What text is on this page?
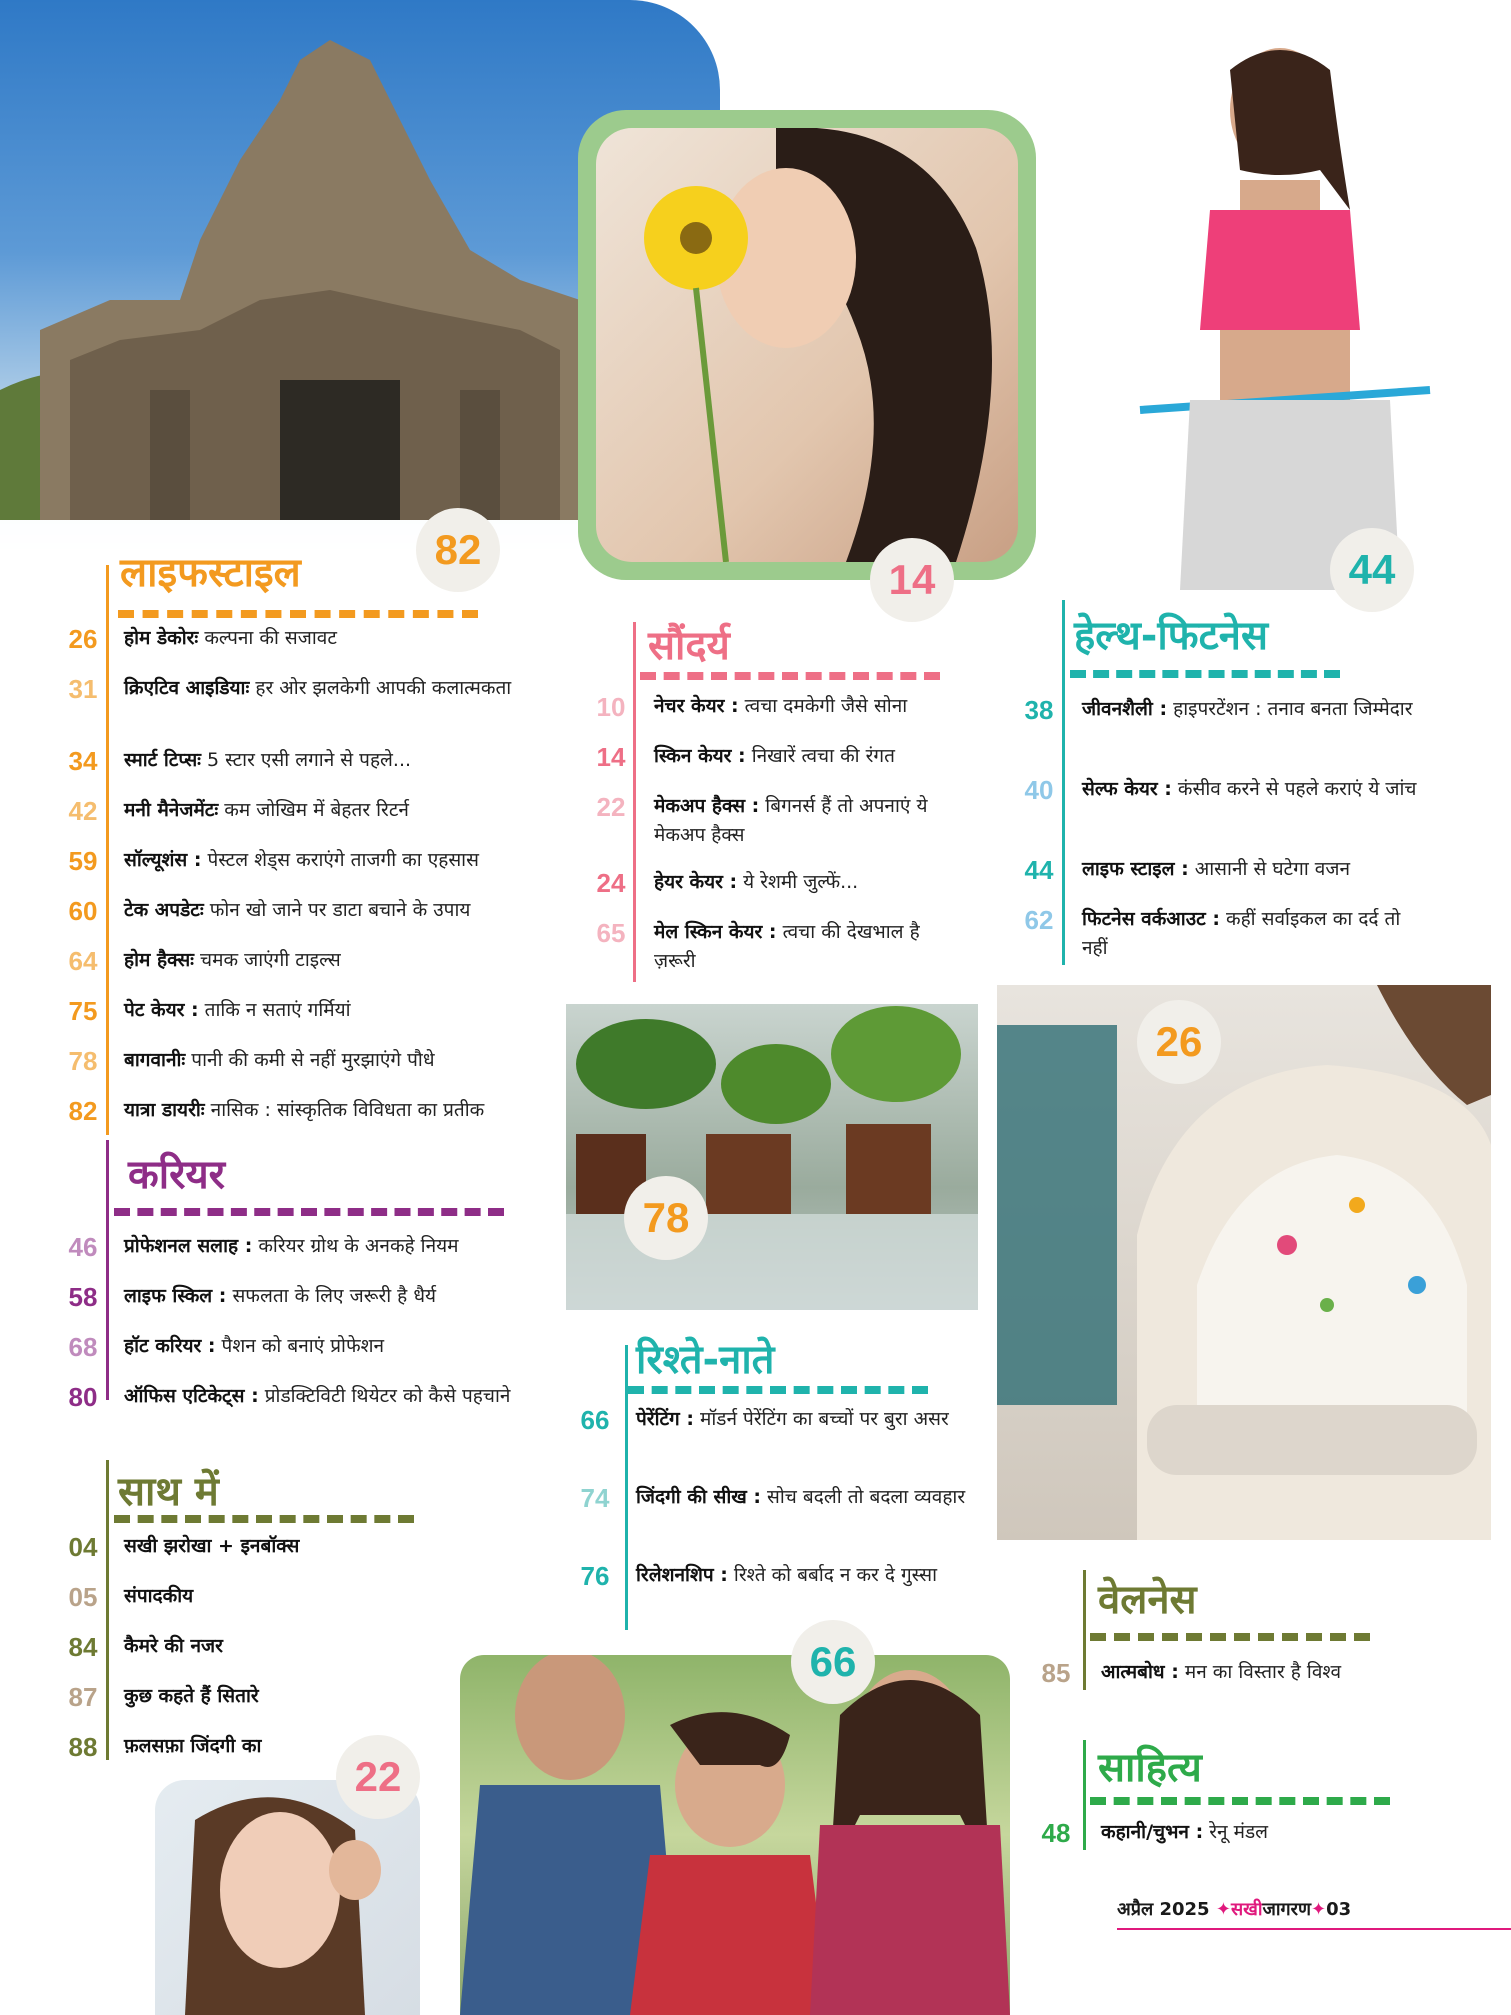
82
14	44
78
26
66
22
लाइफस्टाइल
26	होम डेकोरः कल्पना की सजावट
31	क्रिएटिव आइडियाः हर ओर झलकेगी आपकी कलात्मकता
34	स्मार्ट टिप्सः 5 स्टार एसी लगाने से पहले...
42	मनी मैनेजमेंटः कम जोखिम में बेहतर रिटर्न
59	सॉल्यूशंस : पेस्टल शेड्स कराएंगे ताजगी का एहसास
60	टेक अपडेटः फोन खो जाने पर डाटा बचाने के उपाय
64	होम हैक्सः चमक जाएंगी टाइल्स
75	पेट केयर : ताकि न सताएं गर्मियां
78	बागवानीः पानी की कमी से नहीं मुरझाएंगे पौधे
82	यात्रा डायरीः नासिक : सांस्कृतिक विविधता का प्रतीक
करियर
46	प्रोफेशनल सलाह : करियर ग्रोथ के अनकहे नियम
58	लाइफ स्किल : सफलता के लिए जरूरी है धैर्य
68	हॉट करियर : पैशन को बनाएं प्रोफेशन
80	ऑफिस एटिकेट्स : प्रोडक्टिविटी थियेटर को कैसे पहचाने
साथ में
04	सखी झरोखा + इनबॉक्स
05	संपादकीय
84	कैमरे की नजर
87	कुछ कहते हैं सितारे
88	फ़लसफ़ा जिंदगी का
सौंदर्य
10	नेचर केयर : त्वचा दमकेगी जैसे सोना
14	स्किन केयर : निखारें त्वचा की रंगत
22	मेकअप हैक्स : बिगनर्स हैं तो अपनाएं ये मेकअप हैक्स
24	हेयर केयर : ये रेशमी जुल्फें...
65	मेल स्किन केयर : त्वचा की देखभाल है ज़रूरी
रिश्ते-नाते
66	पेरेंटिंग : मॉडर्न पेरेंटिंग का बच्चों पर बुरा असर
74	जिंदगी की सीख : सोच बदली तो बदला व्यवहार
76	रिलेशनशिप : रिश्ते को बर्बाद न कर दे गुस्सा
हेल्थ-फिटनेस
38	जीवनशैली : हाइपरटेंशन : तनाव बनता जिम्मेदार
40	सेल्फ केयर : कंसीव करने से पहले कराएं ये जांच
44	लाइफ स्टाइल : आसानी से घटेगा वजन
62	फिटनेस वर्कआउट : कहीं सर्वाइकल का दर्द तो नहीं
वेलनेस
85	आत्मबोध : मन का विस्तार है विश्व
साहित्य
48	कहानी/चुभन : रेनू मंडल
अप्रैल 2025 ✦सखीजागरण✦03
